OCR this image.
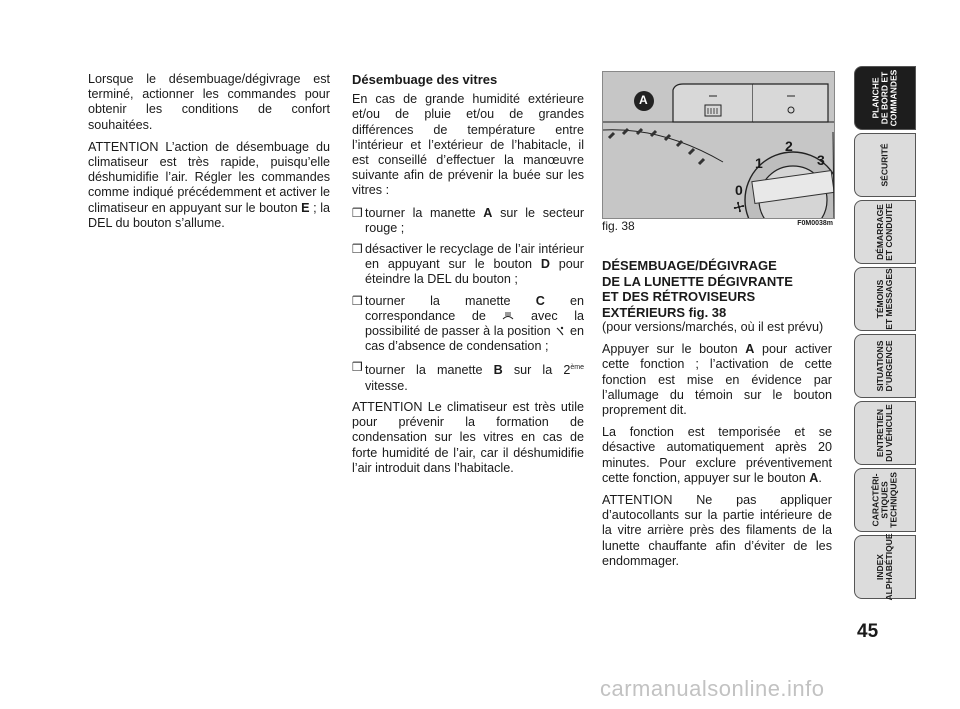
Lorsque le désembuage/dégivrage est terminé, actionner les commandes pour obtenir les conditions de confort souhaitées.

ATTENTION L’action de désembuage du climatiseur est très rapide, puisqu’elle déshumidifie l’air. Régler les commandes comme indiqué précédemment et activer le climatiseur en appuyant sur le bouton E ; la DEL du bouton s’allume.

Désembuage des vitres

En cas de grande humidité extérieure et/ou de pluie et/ou de grandes différences de température entre l’intérieur et l’extérieur de l’habitacle, il est conseillé d’effectuer la manœuvre suivante afin de prévenir la buée sur les vitres :

❒ tourner la manette A sur le secteur rouge ;
❒ désactiver le recyclage de l’air intérieur en appuyant sur le bouton D pour éteindre la DEL du bouton ;
❒ tourner la manette C en correspondance de	avec la possibilité de passer à la position en cas d’absence de condensation ;
❒ tourner la manette B sur la 2ème vitesse.

ATTENTION Le climatiseur est très utile pour prévenir la formation de condensation sur les vitres en cas de forte humidité de l’air, car il déshumidifie l’air introduit dans l’habitacle.

A
0
1
2
3
fig. 38	F0M0038m
DÉSEMBUAGE/DÉGIVRAGE
DE LA LUNETTE DÉGIVRANTE
ET DES RÉTROVISEURS
EXTÉRIEURS fig. 38

(pour versions/marchés, où il est prévu)

Appuyer sur le bouton A pour activer cette fonction ; l’activation de cette fonction est mise en évidence par l’allumage du témoin sur le bouton proprement dit.

La fonction est temporisée et se désactive automatiquement après 20 minutes. Pour exclure préventivement cette fonction, appuyer sur le bouton A.

ATTENTION Ne pas appliquer d’autocollants sur la partie intérieure de la vitre arrière près des filaments de la lunette chauffante afin d’éviter de les endommager.

PLANCHE
DE BORD ET
COMMANDES
SÉCURITÉ
DÉMARRAGE
ET CONDUITE
TÉMOINS
ET MESSAGES
SITUATIONS
D’URGENCE
ENTRETIEN
DU VÉHICULE
CARACTÉRI-
STIQUES
TECHNIQUES
INDEX
ALPHABÉTIQUE
45
carmanualsonline.info
